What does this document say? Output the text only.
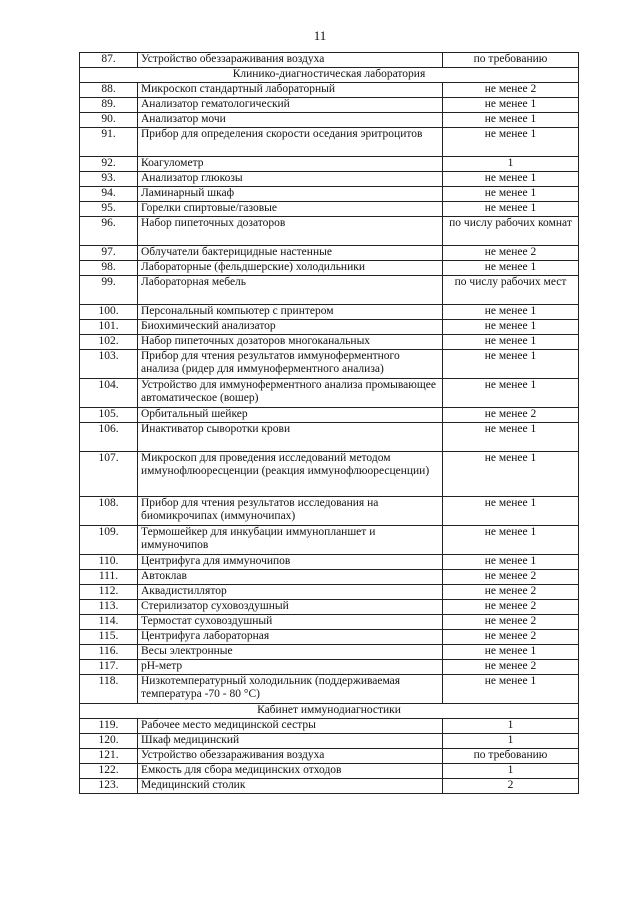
11
87.	Устройство обеззараживания воздуха	по требованию
Клинико-диагностическая лаборатория		
88.	Микроскоп стандартный лабораторный	не менее 2
89.	Анализатор гематологический	не менее 1
90.	Анализатор мочи	не менее 1
91.	Прибор для определения скорости оседания эритроцитов	не менее 1
92.	Коагулометр	1
93.	Анализатор глюкозы	не менее 1
94.	Ламинарный шкаф	не менее 1
95.	Горелки спиртовые/газовые	не менее 1
96.	Набор пипеточных дозаторов	по числу рабочих комнат
97.	Облучатели бактерицидные настенные	не менее 2
98.	Лабораторные (фельдшерские) холодильники	не менее 1
99.	Лабораторная мебель	по числу рабочих мест
100.	Персональный компьютер с принтером	не менее 1
101.	Биохимический анализатор	не менее 1
102.	Набор пипеточных дозаторов многоканальных	не менее 1
103.	Прибор для чтения результатов иммуноферментного анализа (ридер для иммуноферментного анализа)	не менее 1
104.	Устройство для иммуноферментного анализа промывающее автоматическое (вошер)	не менее 1
105.	Орбитальный шейкер	не менее 2
106.	Инактиватор сыворотки крови	не менее 1
107.	Микроскоп для проведения исследований методом иммунофлюоресценции (реакция иммунофлюоресценции)	не менее 1
108.	Прибор для чтения результатов исследования на биомикрочипах (иммуночипах)	не менее 1
109.	Термошейкер для инкубации иммунопланшет и иммуночипов	не менее 1
110.	Центрифуга для иммуночипов	не менее 1
111.	Автоклав	не менее 2
112.	Аквадистиллятор	не менее 2
113.	Стерилизатор суховоздушный	не менее 2
114.	Термостат суховоздушный	не менее 2
115.	Центрифуга лабораторная	не менее 2
116.	Весы электронные	не менее 1
117.	рН-метр	не менее 2
118.	Низкотемпературный холодильник (поддерживаемая температура -70 - 80 °С)	не менее 1
Кабинет иммунодиагностики		
119.	Рабочее место медицинской сестры	1
120.	Шкаф медицинский	1
121.	Устройство обеззараживания воздуха	по требованию
122.	Емкость для сбора медицинских отходов	1
123.	Медицинский столик	2
